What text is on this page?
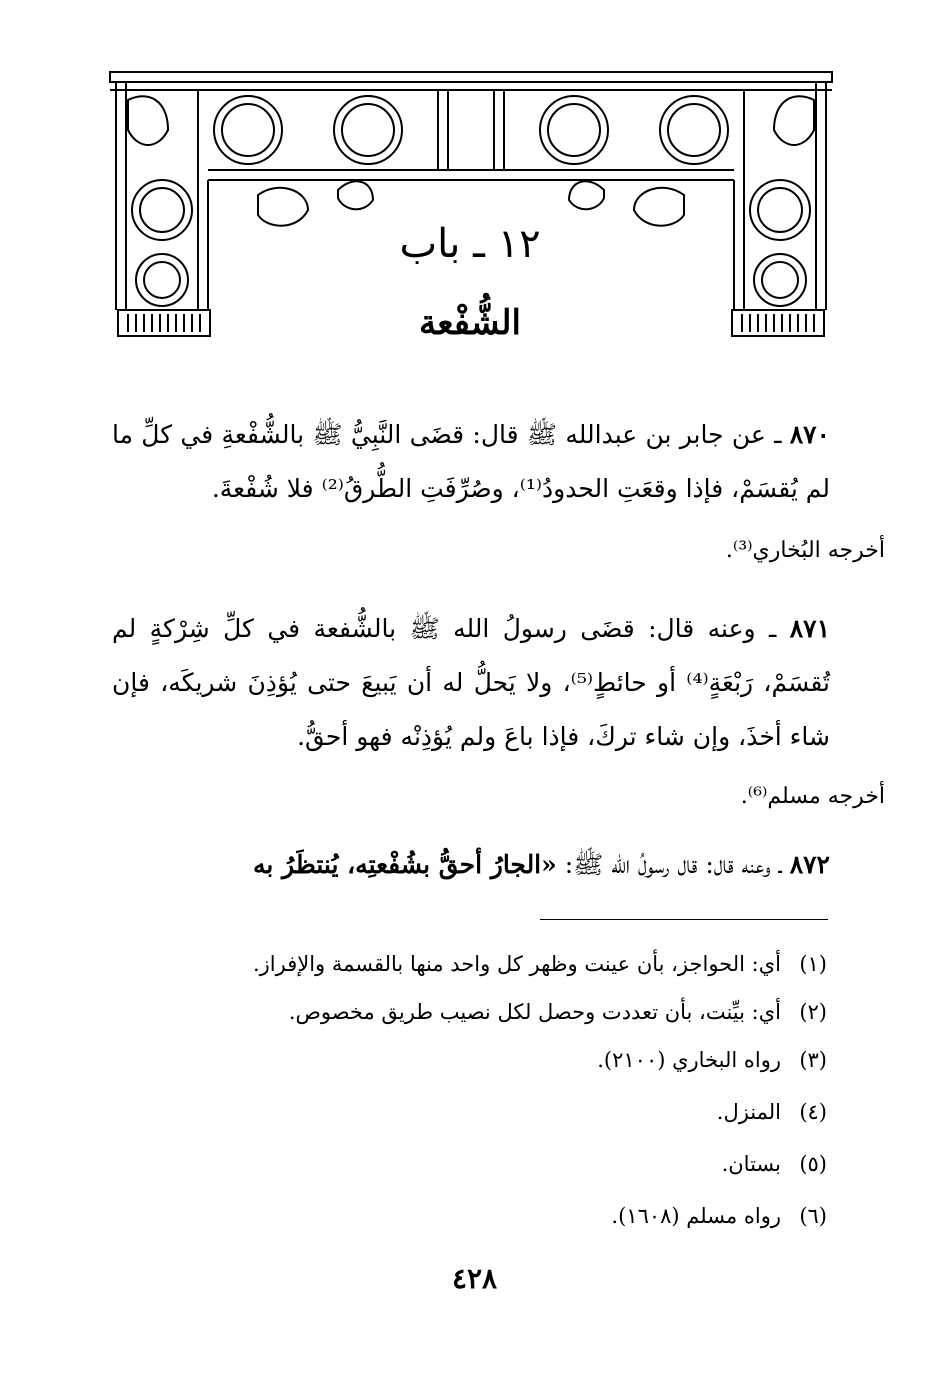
١٢ ـ باب
الشُّفْعة

٨٧٠ ـ عن جابر بن عبدالله ﷺ قال: قضَى النَّبِيُّ ﷺ بالشُّفْعةِ في كلِّ ما لم يُقسَمْ، فإذا وقعَتِ الحدودُ⁽¹⁾، وصُرِّفَتِ الطُّرقُ⁽²⁾ فلا شُفْعةَ.

أخرجه البُخاري⁽³⁾.

٨٧١ ـ وعنه قال: قضَى رسولُ الله ﷺ بالشُّفعة في كلِّ شِرْكةٍ لم تُقسَمْ، رَبْعَةٍ⁽⁴⁾ أو حائطٍ⁽⁵⁾، ولا يَحلُّ له أن يَبيعَ حتى يُؤذِنَ شريكَه، فإن شاء أخذَ، وإن شاء تركَ، فإذا باعَ ولم يُؤذِنْه فهو أحقُّ.

أخرجه مسلم⁽⁶⁾.

٨٧٢ ـ وعنه قال: قال رسولُ الله ﷺ: «الجارُ أحقُّ بشُفْعتِه، يُنتظَرُ به

(١)أي: الحواجز، بأن عينت وظهر كل واحد منها بالقسمة والإفراز.
(٢)أي: بيِّنت، بأن تعددت وحصل لكل نصيب طريق مخصوص.
(٣)رواه البخاري (٢١٠٠).
(٤)المنزل.
(٥)بستان.
(٦)رواه مسلم (١٦٠٨).
٤٢٨
